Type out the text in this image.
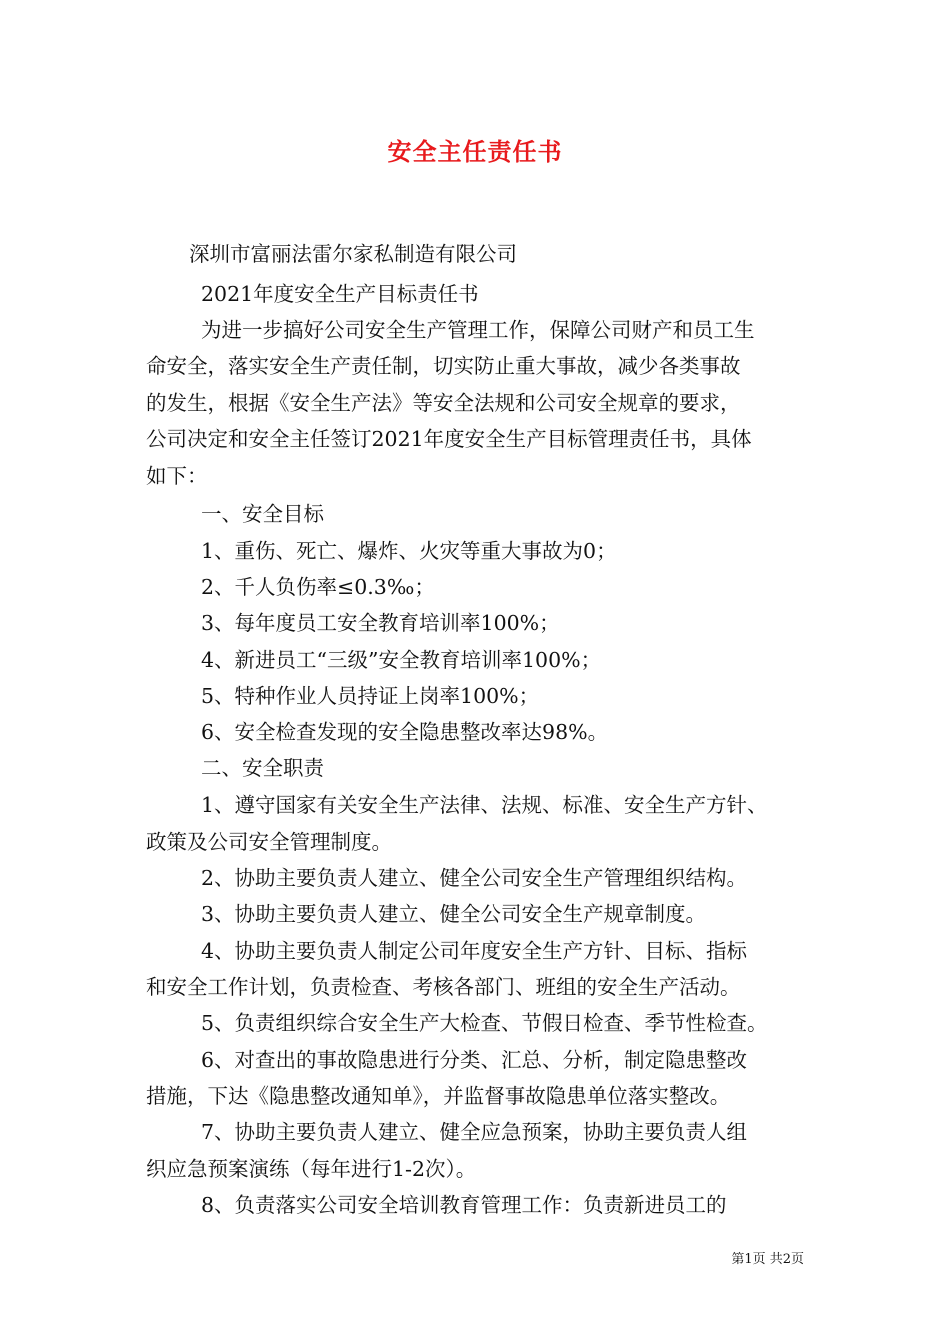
安全主任责任书
深圳市富丽法雷尔家私制造有限公司
2021年度安全生产目标责任书
为进一步搞好公司安全生产管理工作，保障公司财产和员工生
命安全，落实安全生产责任制，切实防止重大事故，减少各类事故
的发生，根据《安全生产法》等安全法规和公司安全规章的要求，
公司决定和安全主任签订2021年度安全生产目标管理责任书，具体
如下：
一、安全目标
1、重伤、死亡、爆炸、火灾等重大事故为0；
2、千人负伤率≤0.3‰；
3、每年度员工安全教育培训率100%；
4、新进员工“三级”安全教育培训率100%；
5、特种作业人员持证上岗率100%；
6、安全检查发现的安全隐患整改率达98%。
二、安全职责
1、遵守国家有关安全生产法律、法规、标准、安全生产方针、
政策及公司安全管理制度。
2、协助主要负责人建立、健全公司安全生产管理组织结构。
3、协助主要负责人建立、健全公司安全生产规章制度。
4、协助主要负责人制定公司年度安全生产方针、目标、指标
和安全工作计划，负责检查、考核各部门、班组的安全生产活动。
5、负责组织综合安全生产大检查、节假日检查、季节性检查。
6、对查出的事故隐患进行分类、汇总、分析，制定隐患整改
措施，下达《隐患整改通知单》，并监督事故隐患单位落实整改。
7、协助主要负责人建立、健全应急预案，协助主要负责人组
织应急预案演练（每年进行1-2次）。
8、负责落实公司安全培训教育管理工作：负责新进员工的
第1页 共2页
